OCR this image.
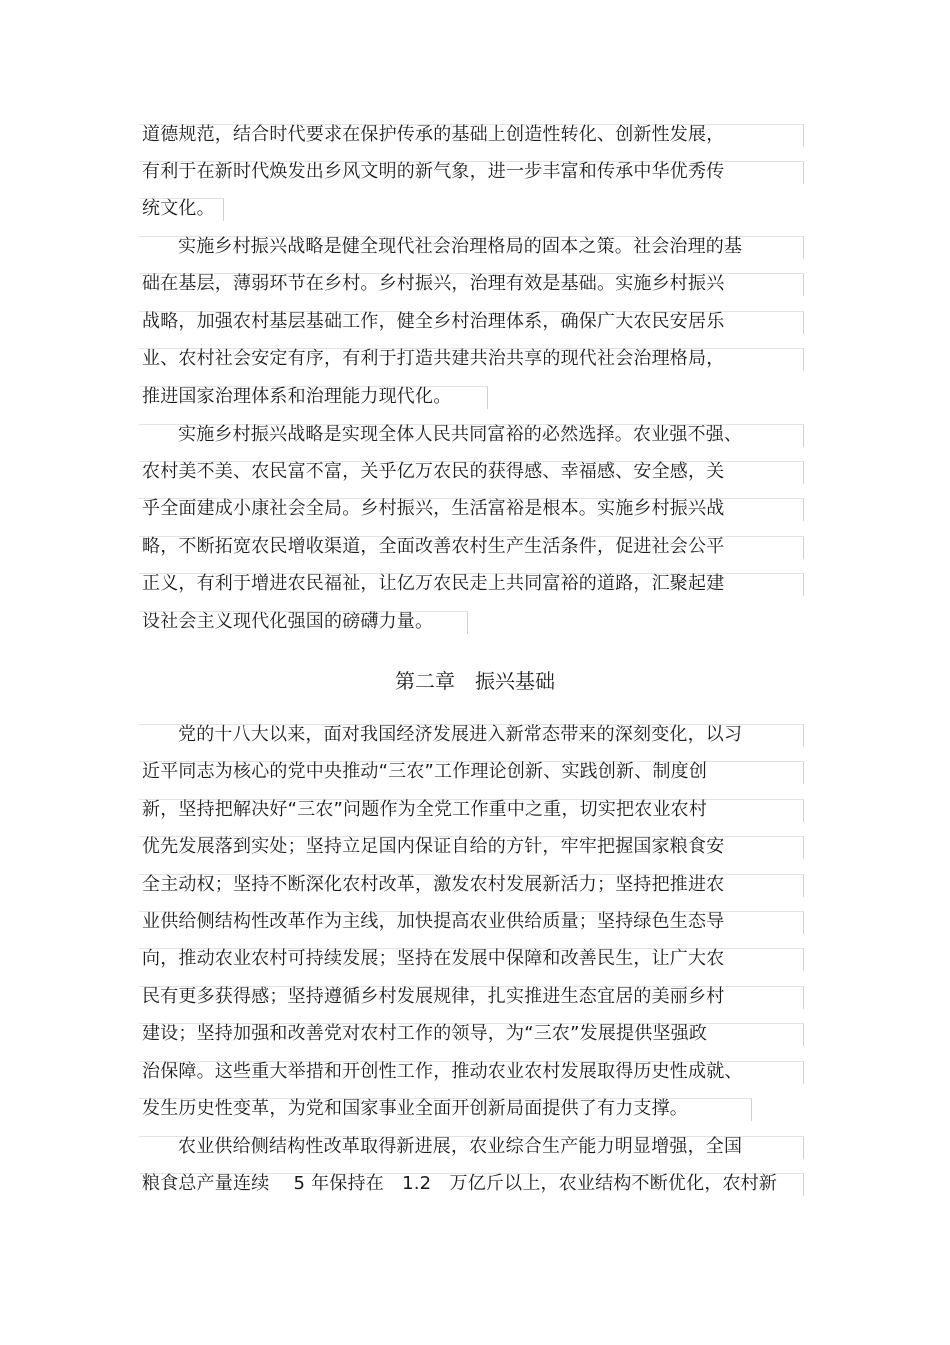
道德规范，结合时代要求在保护传承的基础上创造性转化、创新性发展，
有利于在新时代焕发出乡风文明的新气象，进一步丰富和传承中华优秀传
统文化。
实施乡村振兴战略是健全现代社会治理格局的固本之策。社会治理的基
础在基层，薄弱环节在乡村。乡村振兴，治理有效是基础。实施乡村振兴
战略，加强农村基层基础工作，健全乡村治理体系，确保广大农民安居乐
业、农村社会安定有序，有利于打造共建共治共享的现代社会治理格局，
推进国家治理体系和治理能力现代化。
实施乡村振兴战略是实现全体人民共同富裕的必然选择。农业强不强、
农村美不美、农民富不富，关乎亿万农民的获得感、幸福感、安全感，关
乎全面建成小康社会全局。乡村振兴，生活富裕是根本。实施乡村振兴战
略，不断拓宽农民增收渠道，全面改善农村生产生活条件，促进社会公平
正义，有利于增进农民福祉，让亿万农民走上共同富裕的道路，汇聚起建
设社会主义现代化强国的磅礴力量。
第二章 振兴基础
党的十八大以来，面对我国经济发展进入新常态带来的深刻变化，以习
近平同志为核心的党中央推动“三农”工作理论创新、实践创新、制度创
新，坚持把解决好“三农”问题作为全党工作重中之重，切实把农业农村
优先发展落到实处；坚持立足国内保证自给的方针，牢牢把握国家粮食安
全主动权；坚持不断深化农村改革，激发农村发展新活力；坚持把推进农
业供给侧结构性改革作为主线，加快提高农业供给质量；坚持绿色生态导
向，推动农业农村可持续发展；坚持在发展中保障和改善民生，让广大农
民有更多获得感；坚持遵循乡村发展规律，扎实推进生态宜居的美丽乡村
建设；坚持加强和改善党对农村工作的领导，为“三农”发展提供坚强政
治保障。这些重大举措和开创性工作，推动农业农村发展取得历史性成就、
发生历史性变革，为党和国家事业全面开创新局面提供了有力支撑。
农业供给侧结构性改革取得新进展，农业综合生产能力明显增强，全国
粮食总产量连续　 5 年保持在　1.2　万亿斤以上，农业结构不断优化，农村新
